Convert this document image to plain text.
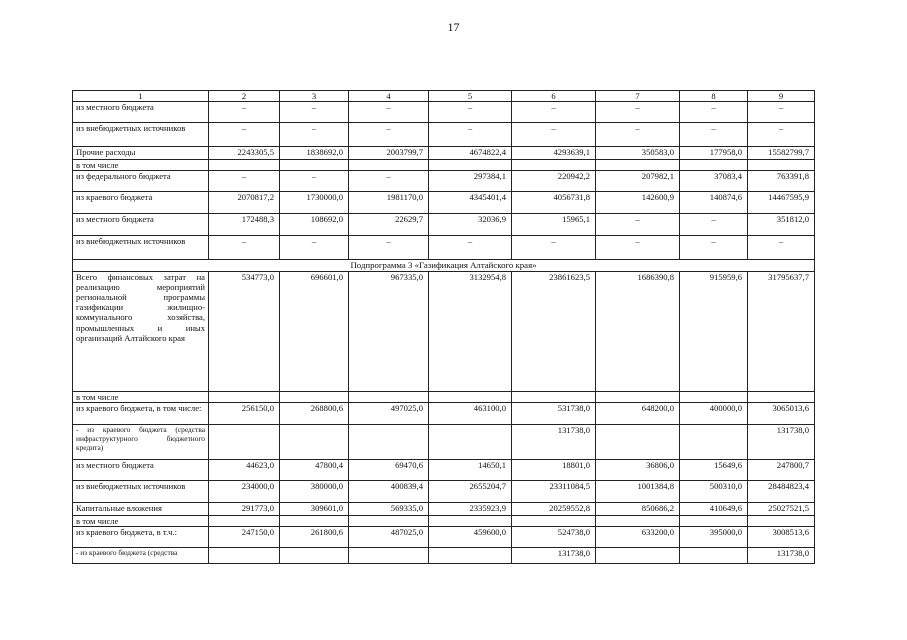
17
1	2	3	4	5	6	7	8	9
из местного бюджета	–	–	–	–	–	–	–	–
из внебюджетных источников	–	–	–	–	–	–	–	–
Прочие расходы	2243305,5	1838692,0	2003799,7	4674822,4	4293639,1	350583,0	177958,0	15582799,7
в том числе								
из федерального бюджета	–	–	–	297384,1	220942,2	207982,1	37083,4	763391,8
из краевого бюджета	2070817,2	1730000,0	1981170,0	4345401,4	4056731,8	142600,9	140874,6	14467595,9
из местного бюджета	172488,3	108692,0	22629,7	32036,9	15965,1	–	–	351812,0
из внебюджетных источников	–	–	–	–	–	–	–	–
Подпрограмма 3 «Газификация Алтайского края»								
Всего финансовых затрат на реализацию мероприятий региональной программы газификации жилищно-коммунального хозяйства, промышленных и иных организаций Алтайского края	534773,0	696601,0	967335,0	3132954,8	23861623,5	1686390,8	915959,6	31795637,7
в том числе								
из краевого бюджета, в том числе:	256150,0	268800,6	497025,0	463100,0	531738,0	648200,0	400000,0	3065013,6
- из краевого бюджета (средства инфраструктурного бюджетного кредита)					131738,0			131738,0
из местного бюджета	44623,0	47800,4	69470,6	14650,1	18801,0	36806,0	15649,6	247800,7
из внебюджетных источников	234000,0	380000,0	400839,4	2655204,7	23311084,5	1001384,8	500310,0	28484823,4
Капитальные вложения	291773,0	309601,0	569335,0	2335923,9	20259552,8	850686,2	410649,6	25027521,5
в том числе								
из краевого бюджета, в т.ч.:	247150,0	261800,6	487025,0	459600,0	524738,0	633200,0	395000,0	3008513,6
- из краевого бюджета (средства					131738,0			131738,0
